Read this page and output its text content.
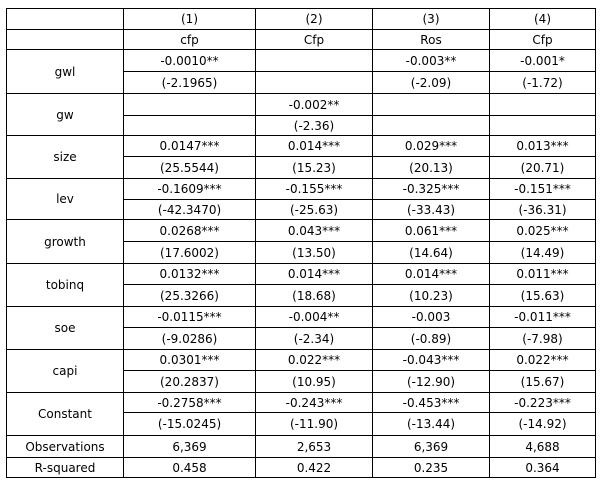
	(1)	(2)	(3)	(4)
	cfp	Cfp	Ros	Cfp
gwl	-0.0010**		-0.003**	-0.001*
	(-2.1965)		(-2.09)	(-1.72)
gw		-0.002**		
		(-2.36)		
size	0.0147***	0.014***	0.029***	0.013***
	(25.5544)	(15.23)	(20.13)	(20.71)
lev	-0.1609***	-0.155***	-0.325***	-0.151***
	(-42.3470)	(-25.63)	(-33.43)	(-36.31)
growth	0.0268***	0.043***	0.061***	0.025***
	(17.6002)	(13.50)	(14.64)	(14.49)
tobinq	0.0132***	0.014***	0.014***	0.011***
	(25.3266)	(18.68)	(10.23)	(15.63)
soe	-0.0115***	-0.004**	-0.003	-0.011***
	(-9.0286)	(-2.34)	(-0.89)	(-7.98)
capi	0.0301***	0.022***	-0.043***	0.022***
	(20.2837)	(10.95)	(-12.90)	(15.67)
Constant	-0.2758***	-0.243***	-0.453***	-0.223***
	(-15.0245)	(-11.90)	(-13.44)	(-14.92)
Observations	6,369	2,653	6,369	4,688
R-squared	0.458	0.422	0.235	0.364
